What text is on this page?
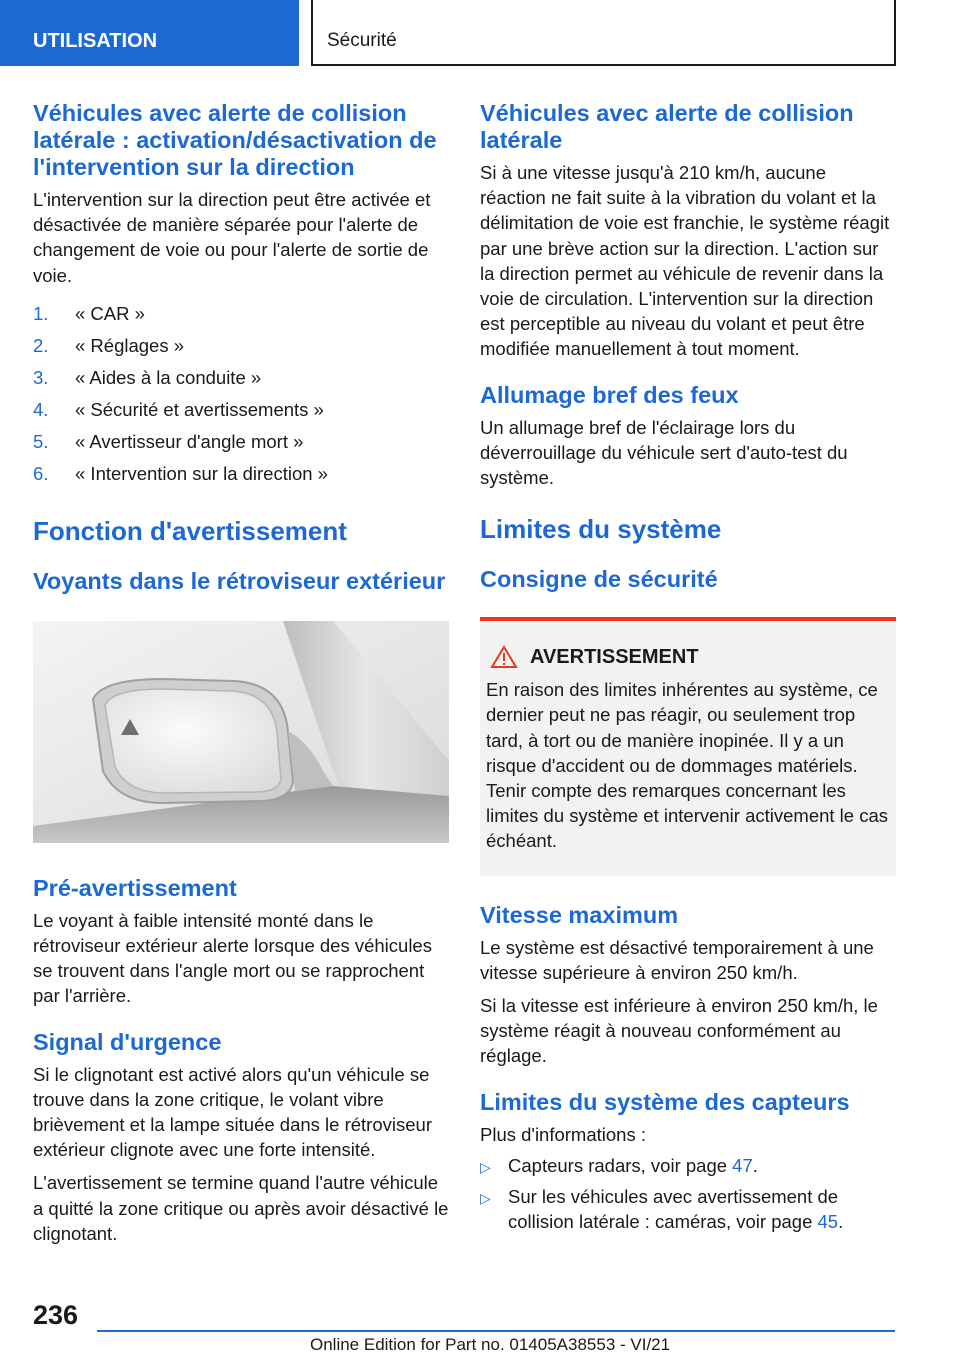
UTILISATION	Sécurité
Véhicules avec alerte de collision latérale : activation/désactivation de l'intervention sur la direction
L'intervention sur la direction peut être activée et désactivée de manière séparée pour l'alerte de changement de voie ou pour l'alerte de sortie de voie.
1. « CAR »
2. « Réglages »
3. « Aides à la conduite »
4. « Sécurité et avertissements »
5. « Avertisseur d'angle mort »
6. « Intervention sur la direction »
Fonction d'avertissement
Voyants dans le rétroviseur extérieur
Pré-avertissement
Le voyant à faible intensité monté dans le rétroviseur extérieur alerte lorsque des véhicules se trouvent dans l'angle mort ou se rapprochent par l'arrière.
Signal d'urgence
Si le clignotant est activé alors qu'un véhicule se trouve dans la zone critique, le volant vibre brièvement et la lampe située dans le rétroviseur extérieur clignote avec une forte intensité.
L'avertissement se termine quand l'autre véhicule a quitté la zone critique ou après avoir désactivé le clignotant.
Véhicules avec alerte de collision latérale
Si à une vitesse jusqu'à 210 km/h, aucune réaction ne fait suite à la vibration du volant et la délimitation de voie est franchie, le système réagit par une brève action sur la direction. L'action sur la direction permet au véhicule de revenir dans la voie de circulation. L'intervention sur la direction est perceptible au niveau du volant et peut être modifiée manuellement à tout moment.
Allumage bref des feux
Un allumage bref de l'éclairage lors du déverrouillage du véhicule sert d'auto-test du système.
Limites du système
Consigne de sécurité
AVERTISSEMENT
En raison des limites inhérentes au système, ce dernier peut ne pas réagir, ou seulement trop tard, à tort ou de manière inopinée. Il y a un risque d'accident ou de dommages matériels. Tenir compte des remarques concernant les limites du système et intervenir activement le cas échéant.
Vitesse maximum
Le système est désactivé temporairement à une vitesse supérieure à environ 250 km/h.
Si la vitesse est inférieure à environ 250 km/h, le système réagit à nouveau conformément au réglage.
Limites du système des capteurs
Plus d'informations :
▷ Capteurs radars, voir page 47.
▷ Sur les véhicules avec avertissement de collision latérale : caméras, voir page 45.
236
Online Edition for Part no. 01405A38553 - VI/21
